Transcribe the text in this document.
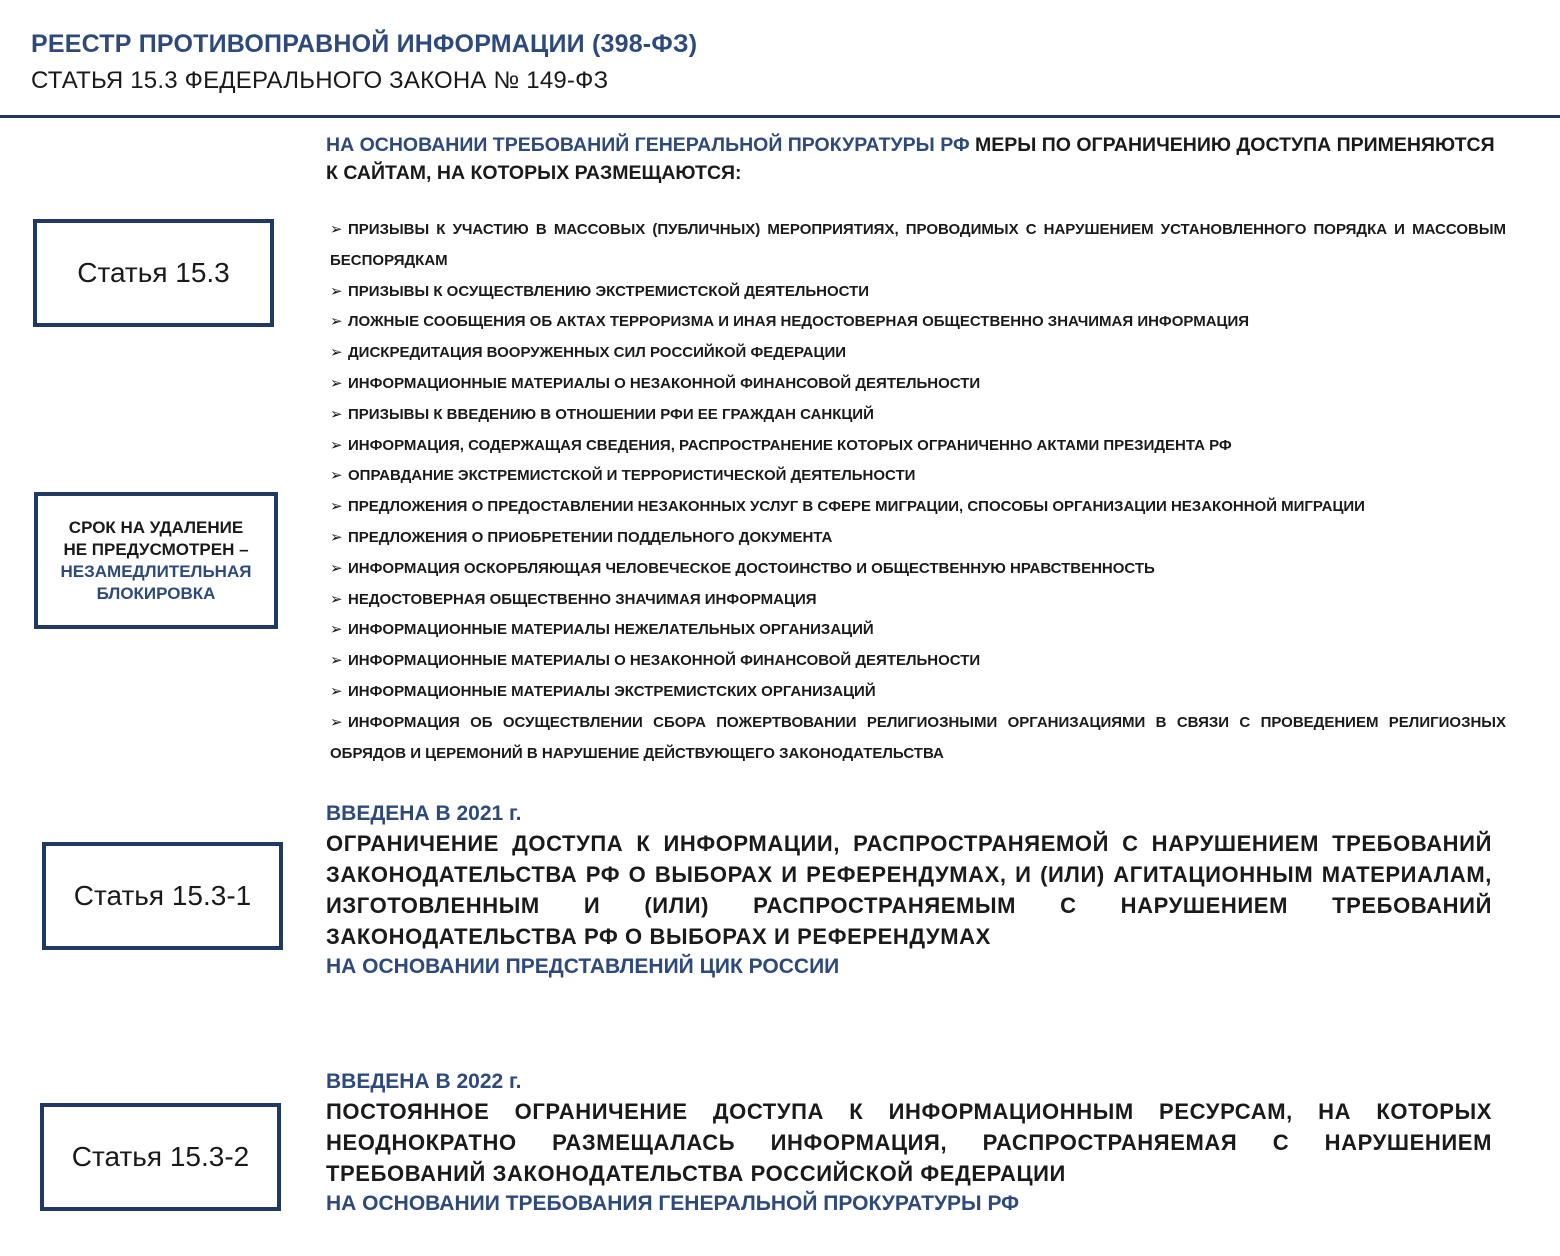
РЕЕСТР ПРОТИВОПРАВНОЙ ИНФОРМАЦИИ (398-ФЗ)
СТАТЬЯ 15.3 ФЕДЕРАЛЬНОГО ЗАКОНА № 149-ФЗ
Статья 15.3
СРОК НА УДАЛЕНИЕ
НЕ ПРЕДУСМОТРЕН –
НЕЗАМЕДЛИТЕЛЬНАЯ
БЛОКИРОВКА
Статья 15.3-1
Статья 15.3-2
НА ОСНОВАНИИ ТРЕБОВАНИЙ ГЕНЕРАЛЬНОЙ ПРОКУРАТУРЫ РФ МЕРЫ ПО ОГРАНИЧЕНИЮ ДОСТУПА ПРИМЕНЯЮТСЯ К САЙТАМ, НА КОТОРЫХ РАЗМЕЩАЮТСЯ:
➢ ПРИЗЫВЫ К УЧАСТИЮ В МАССОВЫХ (ПУБЛИЧНЫХ) МЕРОПРИЯТИЯХ, ПРОВОДИМЫХ С НАРУШЕНИЕМ УСТАНОВЛЕННОГО ПОРЯДКА И МАССОВЫМ БЕСПОРЯДКАМ
➢ ПРИЗЫВЫ К ОСУЩЕСТВЛЕНИЮ ЭКСТРЕМИСТСКОЙ ДЕЯТЕЛЬНОСТИ
➢ ЛОЖНЫЕ СООБЩЕНИЯ ОБ АКТАХ ТЕРРОРИЗМА И ИНАЯ НЕДОСТОВЕРНАЯ ОБЩЕСТВЕННО ЗНАЧИМАЯ ИНФОРМАЦИЯ
➢ ДИСКРЕДИТАЦИЯ ВООРУЖЕННЫХ СИЛ РОССИЙКОЙ ФЕДЕРАЦИИ
➢ ИНФОРМАЦИОННЫЕ МАТЕРИАЛЫ О НЕЗАКОННОЙ ФИНАНСОВОЙ ДЕЯТЕЛЬНОСТИ
➢ ПРИЗЫВЫ К ВВЕДЕНИЮ В ОТНОШЕНИИ РФИ ЕЕ ГРАЖДАН САНКЦИЙ
➢ ИНФОРМАЦИЯ, СОДЕРЖАЩАЯ СВЕДЕНИЯ, РАСПРОСТРАНЕНИЕ КОТОРЫХ ОГРАНИЧЕННО АКТАМИ ПРЕЗИДЕНТА РФ
➢ ОПРАВДАНИЕ ЭКСТРЕМИСТСКОЙ И ТЕРРОРИСТИЧЕСКОЙ ДЕЯТЕЛЬНОСТИ
➢ ПРЕДЛОЖЕНИЯ О ПРЕДОСТАВЛЕНИИ НЕЗАКОННЫХ УСЛУГ В СФЕРЕ МИГРАЦИИ, СПОСОБЫ ОРГАНИЗАЦИИ НЕЗАКОННОЙ МИГРАЦИИ
➢ ПРЕДЛОЖЕНИЯ О ПРИОБРЕТЕНИИ ПОДДЕЛЬНОГО ДОКУМЕНТА
➢ ИНФОРМАЦИЯ ОСКОРБЛЯЮЩАЯ ЧЕЛОВЕЧЕСКОЕ ДОСТОИНСТВО И ОБЩЕСТВЕННУЮ НРАВСТВЕННОСТЬ
➢ НЕДОСТОВЕРНАЯ ОБЩЕСТВЕННО ЗНАЧИМАЯ ИНФОРМАЦИЯ
➢ ИНФОРМАЦИОННЫЕ МАТЕРИАЛЫ НЕЖЕЛАТЕЛЬНЫХ ОРГАНИЗАЦИЙ
➢ ИНФОРМАЦИОННЫЕ МАТЕРИАЛЫ О НЕЗАКОННОЙ ФИНАНСОВОЙ ДЕЯТЕЛЬНОСТИ
➢ ИНФОРМАЦИОННЫЕ МАТЕРИАЛЫ ЭКСТРЕМИСТСКИХ ОРГАНИЗАЦИЙ
➢ ИНФОРМАЦИЯ ОБ ОСУЩЕСТВЛЕНИИ СБОРА ПОЖЕРТВОВАНИИ РЕЛИГИОЗНЫМИ ОРГАНИЗАЦИЯМИ В СВЯЗИ С ПРОВЕДЕНИЕМ РЕЛИГИОЗНЫХ ОБРЯДОВ И ЦЕРЕМОНИЙ В НАРУШЕНИЕ ДЕЙСТВУЮЩЕГО ЗАКОНОДАТЕЛЬСТВА
ВВЕДЕНА В 2021 г.
ОГРАНИЧЕНИЕ ДОСТУПА К ИНФОРМАЦИИ, РАСПРОСТРАНЯЕМОЙ С НАРУШЕНИЕМ ТРЕБОВАНИЙ ЗАКОНОДАТЕЛЬСТВА РФ О ВЫБОРАХ И РЕФЕРЕНДУМАХ, И (ИЛИ) АГИТАЦИОННЫМ МАТЕРИАЛАМ, ИЗГОТОВЛЕННЫМ И (ИЛИ) РАСПРОСТРАНЯЕМЫМ С НАРУШЕНИЕМ ТРЕБОВАНИЙ ЗАКОНОДАТЕЛЬСТВА РФ О ВЫБОРАХ И РЕФЕРЕНДУМАХ
НА ОСНОВАНИИ ПРЕДСТАВЛЕНИЙ ЦИК РОССИИ
ВВЕДЕНА В 2022 г.
ПОСТОЯННОЕ ОГРАНИЧЕНИЕ ДОСТУПА К ИНФОРМАЦИОННЫМ РЕСУРСАМ, НА КОТОРЫХ НЕОДНОКРАТНО РАЗМЕЩАЛАСЬ ИНФОРМАЦИЯ, РАСПРОСТРАНЯЕМАЯ С НАРУШЕНИЕМ ТРЕБОВАНИЙ ЗАКОНОДАТЕЛЬСТВА РОССИЙСКОЙ ФЕДЕРАЦИИ
НА ОСНОВАНИИ ТРЕБОВАНИЯ ГЕНЕРАЛЬНОЙ ПРОКУРАТУРЫ РФ
